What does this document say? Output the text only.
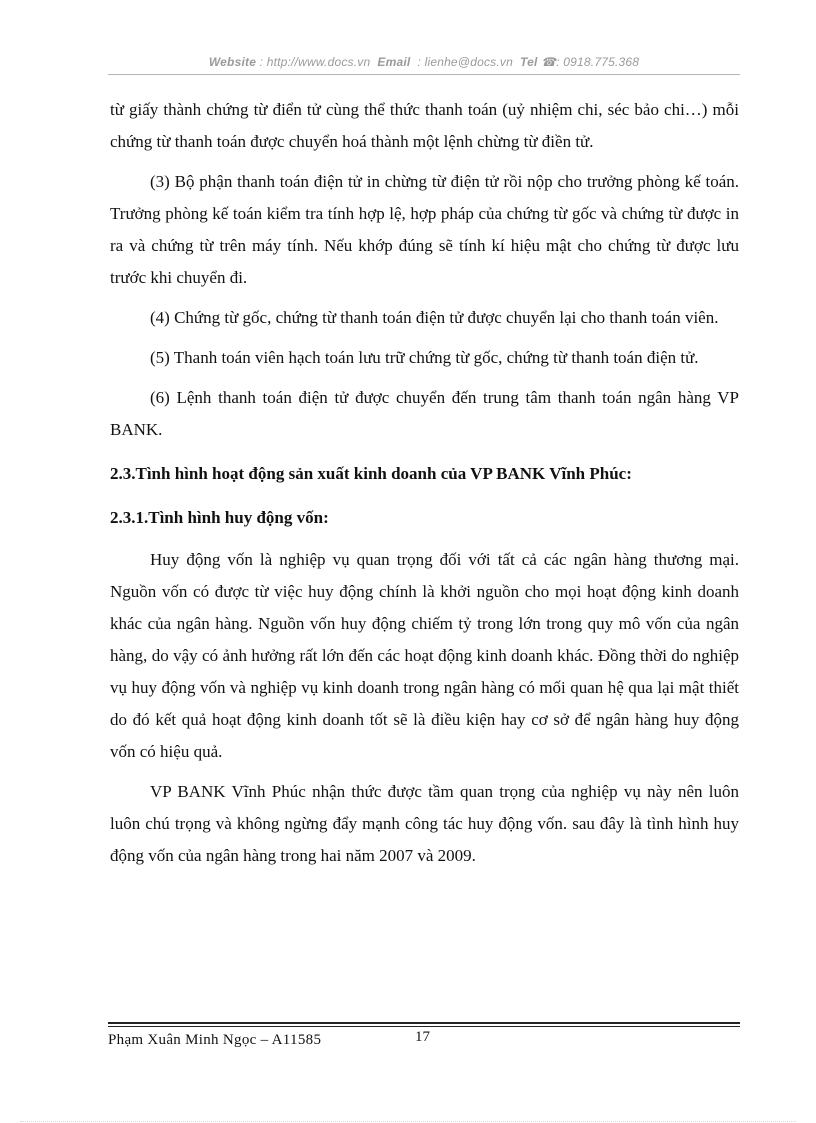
Website : http://www.docs.vn Email : lienhe@docs.vn Tel ☎: 0918.775.368

từ giấy thành chứng từ điển tử cùng thể thức thanh toán (uỷ nhiệm chi, séc bảo chi…) mỗi chứng từ thanh toán được chuyển hoá thành một lệnh chừng từ điền tử.

(3) Bộ phận thanh toán điện tử in chừng từ điện tử rồi nộp cho trưởng phòng kế toán. Trưởng phòng kế toán kiểm tra tính hợp lệ, hợp pháp của chứng từ gốc và chứng từ được in ra và chứng từ trên máy tính. Nếu khớp đúng sẽ tính kí hiệu mật cho chứng từ được lưu trước khi chuyển đi.

(4) Chứng từ gốc, chứng từ thanh toán điện tử được chuyển lại cho thanh toán viên.

(5) Thanh toán viên hạch toán lưu trữ chứng từ gốc, chứng từ thanh toán điện tử.

(6) Lệnh thanh toán điện tử được chuyển đến trung tâm thanh toán ngân hàng VP BANK.

2.3.Tình hình hoạt động sản xuất kinh doanh của VP BANK Vĩnh Phúc:

2.3.1.Tình hình huy động vốn:

Huy động vốn là nghiệp vụ quan trọng đối với tất cả các ngân hàng thương mại. Nguồn vốn có được từ việc huy động chính là khởi nguồn cho mọi hoạt động kinh doanh khác của ngân hàng. Nguồn vốn huy động chiếm tỷ trong lớn trong quy mô vốn của ngân hàng, do vậy có ảnh hưởng rất lớn đến các hoạt động kinh doanh khác. Đồng thời do nghiệp vụ huy động vốn và nghiệp vụ kinh doanh trong ngân hàng có mối quan hệ qua lại mật thiết do đó kết quả hoạt động kinh doanh tốt sẽ là điều kiện hay cơ sở để ngân hàng huy động vốn có hiệu quả.

VP BANK Vĩnh Phúc nhận thức được tầm quan trọng của nghiệp vụ này nên luôn luôn chú trọng và không ngừng đẩy mạnh công tác huy động vốn. sau đây là tình hình huy động vốn của ngân hàng trong hai năm 2007 và 2009.

Phạm Xuân Minh Ngọc – A11585	17
